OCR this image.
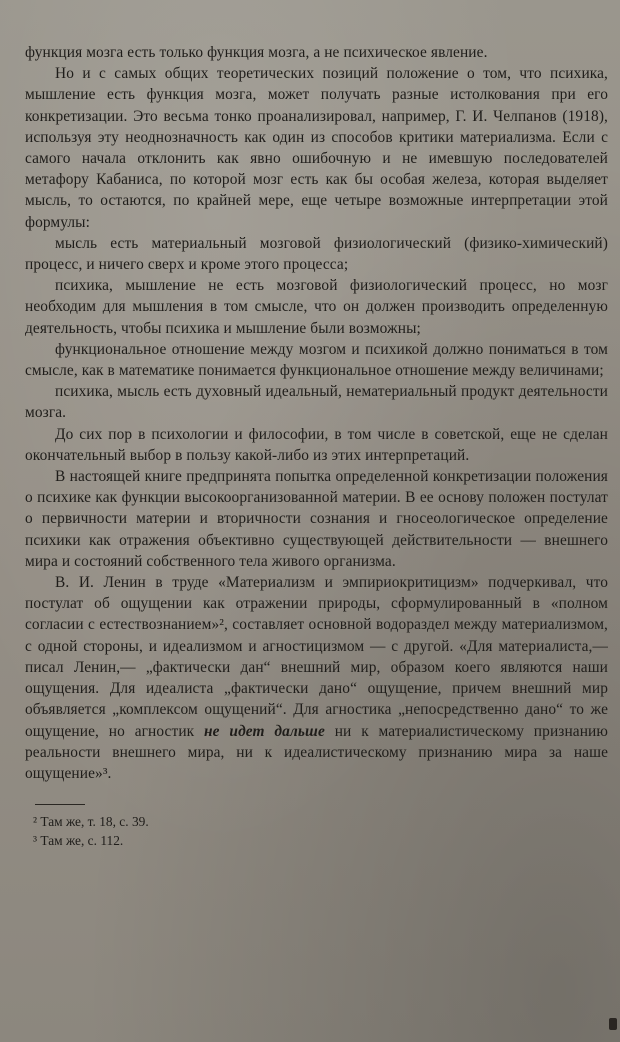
функция мозга есть только функция мозга, а не психическое явление.

Но и с самых общих теоретических позиций положение о том, что психика, мышление есть функция мозга, может получать разные истолкования при его конкретизации. Это весьма тонко проанализировал, например, Г. И. Челпанов (1918), используя эту неоднозначность как один из способов критики материализма. Если с самого начала отклонить как явно ошибочную и не имевшую последователей метафору Кабаниса, по которой мозг есть как бы особая железа, которая выделяет мысль, то остаются, по крайней мере, еще четыре возможные интерпретации этой формулы:

мысль есть материальный мозговой физиологический (физико-химический) процесс, и ничего сверх и кроме этого процесса;

психика, мышление не есть мозговой физиологический процесс, но мозг необходим для мышления в том смысле, что он должен производить определенную деятельность, чтобы психика и мышление были возможны;

функциональное отношение между мозгом и психикой должно пониматься в том смысле, как в математике понимается функциональное отношение между величинами;

психика, мысль есть духовный идеальный, нематериальный продукт деятельности мозга.

До сих пор в психологии и философии, в том числе в советской, еще не сделан окончательный выбор в пользу какой-либо из этих интерпретаций.

В настоящей книге предпринята попытка определенной конкретизации положения о психике как функции высокоорганизованной материи. В ее основу положен постулат о первичности материи и вторичности сознания и гносеологическое определение психики как отражения объективно существующей действительности — внешнего мира и состояний собственного тела живого организма.

В. И. Ленин в труде «Материализм и эмпириокритицизм» подчеркивал, что постулат об ощущении как отражении природы, сформулированный в «полном согласии с естествознанием»², составляет основной водораздел между материализмом, с одной стороны, и идеализмом и агностицизмом — с другой. «Для материалиста,— писал Ленин,— „фактически дан“ внешний мир, образом коего являются наши ощущения. Для идеалиста „фактически дано“ ощущение, причем внешний мир объявляется „комплексом ощущений“. Для агностика „непосредственно дано“ то же ощущение, но агностик не идет дальше ни к материалистическому признанию реальности внешнего мира, ни к идеалистическому признанию мира за наше ощущение»³.

² Там же, т. 18, с. 39.

³ Там же, с. 112.
